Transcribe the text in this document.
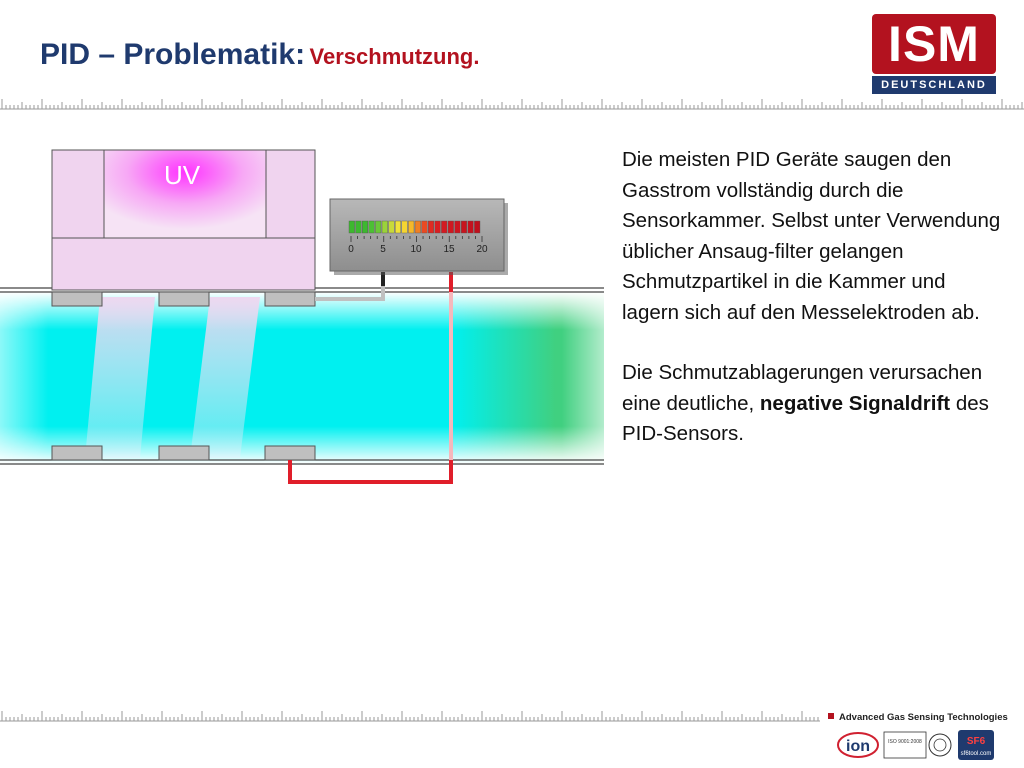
PID – Problematik: Verschmutzung.	ISM
DEUTSCHLAND
UV
0	5 10 15 20

Die meisten PID Geräte saugen den Gasstrom vollständig durch die Sensorkammer. Selbst unter Verwendung üblicher Ansaug-filter gelangen Schmutzpartikel in die Kammer und lagern sich auf den Messelektroden ab.

Die Schmutzablagerungen verursachen eine deutliche, negative Signaldrift des PID-Sensors.

Advanced Gas Sensing Technologies
ion	ISO 9001:2008	SF6
sf6tool.com
